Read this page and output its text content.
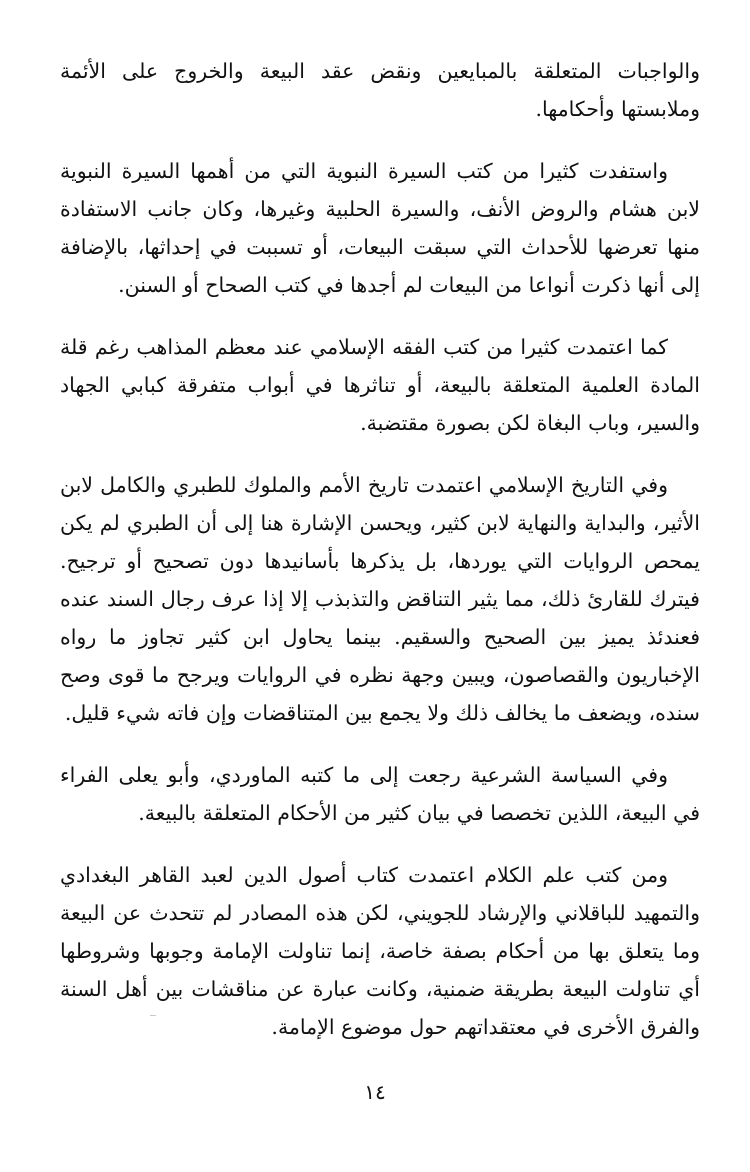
والواجبات المتعلقة بالمبايعين ونقض عقد البيعة والخروج على الأئمة وملابستها وأحكامها.

واستفدت كثيرا من كتب السيرة النبوية التي من أهمها السيرة النبوية لابن هشام والروض الأنف، والسيرة الحلبية وغيرها، وكان جانب الاستفادة منها تعرضها للأحداث التي سبقت البيعات، أو تسببت في إحداثها، بالإضافة إلى أنها ذكرت أنواعا من البيعات لم أجدها في كتب الصحاح أو السنن.

كما اعتمدت كثيرا من كتب الفقه الإسلامي عند معظم المذاهب رغم قلة المادة العلمية المتعلقة بالبيعة، أو تناثرها في أبواب متفرقة كبابي الجهاد والسير، وباب البغاة لكن بصورة مقتضبة.

وفي التاريخ الإسلامي اعتمدت تاريخ الأمم والملوك للطبري والكامل لابن الأثير، والبداية والنهاية لابن كثير، ويحسن الإشارة هنا إلى أن الطبري لم يكن يمحص الروايات التي يوردها، بل يذكرها بأسانيدها دون تصحيح أو ترجيح. فيترك للقارئ ذلك، مما يثير التناقض والتذبذب إلا إذا عرف رجال السند عنده فعندئذ يميز بين الصحيح والسقيم. بينما يحاول ابن كثير تجاوز ما رواه الإخباريون والقصاصون، ويبين وجهة نظره في الروايات ويرجح ما قوى وصح سنده، ويضعف ما يخالف ذلك ولا يجمع بين المتناقضات وإن فاته شيء قليل.

وفي السياسة الشرعية رجعت إلى ما كتبه الماوردي، وأبو يعلى الفراء في البيعة، اللذين تخصصا في بيان كثير من الأحكام المتعلقة بالبيعة.

ومن كتب علم الكلام اعتمدت كتاب أصول الدين لعبد القاهر البغدادي والتمهيد للباقلاني والإرشاد للجويني، لكن هذه المصادر لم تتحدث عن البيعة وما يتعلق بها من أحكام بصفة خاصة، إنما تناولت الإمامة وجوبها وشروطها أي تناولت البيعة بطريقة ضمنية، وكانت عبارة عن مناقشات بين أهل السنة والفرق الأخرى في معتقداتهم حول موضوع الإمامة.

١٤
